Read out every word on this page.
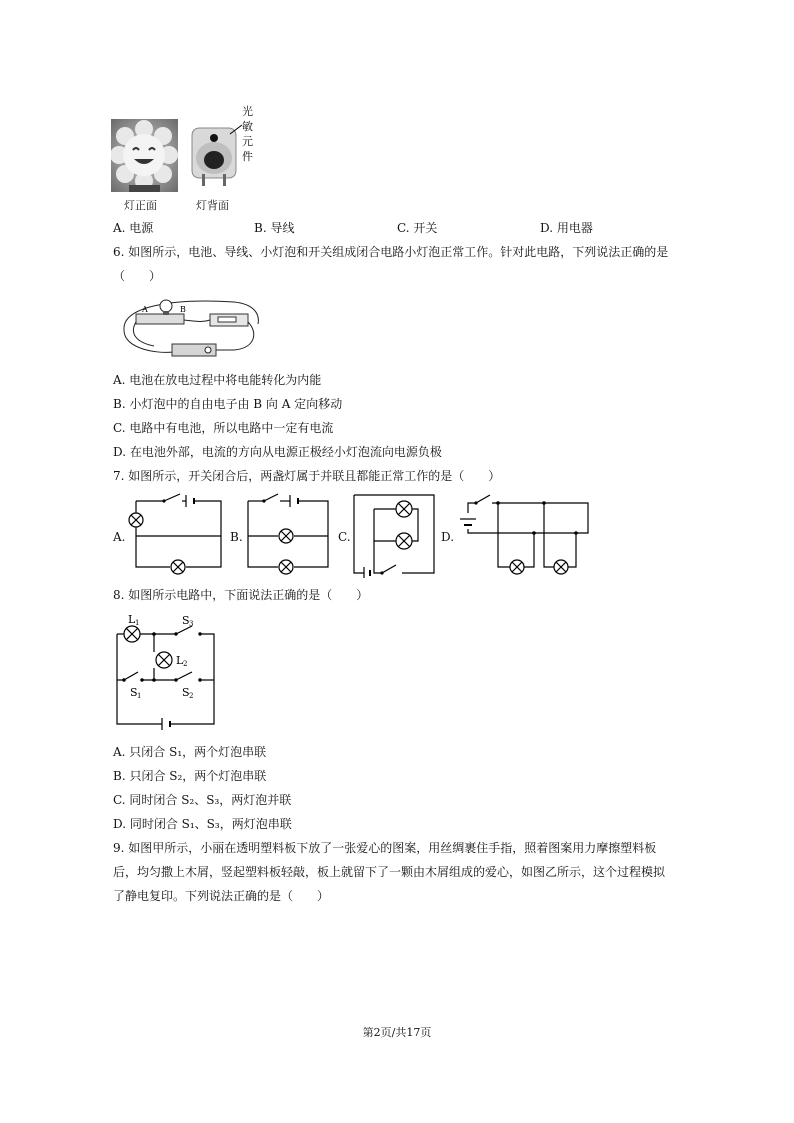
光
敏
元
件
灯正面	灯背面
A. 电源	B. 导线	C. 开关	D. 用电器
6. 如图所示，电池、导线、小灯泡和开关组成闭合电路小灯泡正常工作。针对此电路，下列说法正确的是
（　　）
A	B
A. 电池在放电过程中将电能转化为内能
B. 小灯泡中的自由电子由 B 向 A 定向移动
C. 电路中有电池，所以电路中一定有电流
D. 在电池外部，电流的方向从电源正极经小灯泡流向电源负极
7. 如图所示，开关闭合后，两盏灯属于并联且都能正常工作的是（　　）
A.	B.	C.	D.
8. 如图所示电路中，下面说法正确的是（　　）
L 1
L 2
S 3
S 1	S 2
A. 只闭合 S₁，两个灯泡串联
B. 只闭合 S₂，两个灯泡串联
C. 同时闭合 S₂、S₃，两灯泡并联
D. 同时闭合 S₁、S₃，两灯泡串联
9. 如图甲所示，小丽在透明塑料板下放了一张爱心的图案，用丝绸裹住手指，照着图案用力摩擦塑料板
后，均匀撒上木屑，竖起塑料板轻敲，板上就留下了一颗由木屑组成的爱心，如图乙所示，这个过程模拟
了静电复印。下列说法正确的是（　　）
第2页/共17页
